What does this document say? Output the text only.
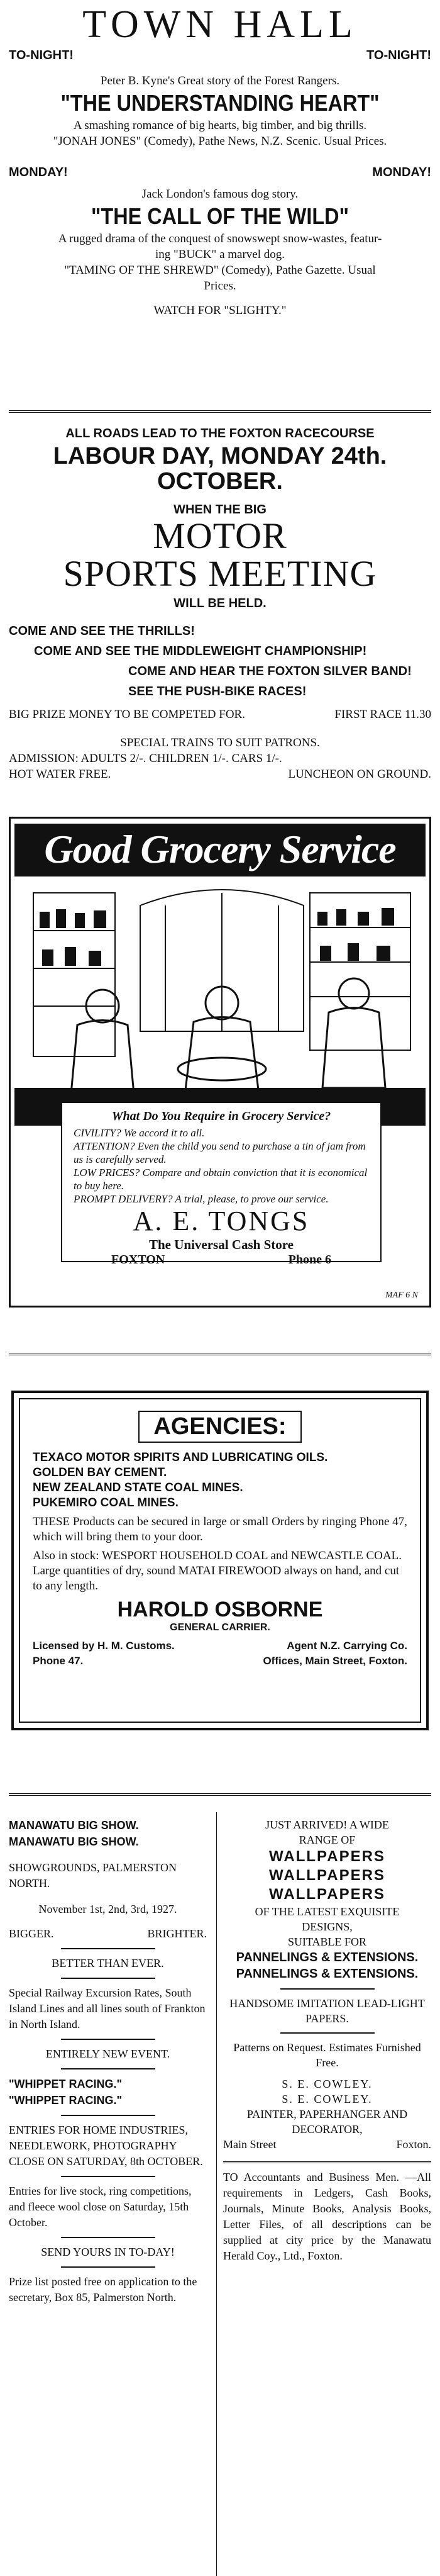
TOWN HALL
TO-NIGHT!	TO-NIGHT!
Peter B. Kyne's Great story of the Forest Rangers.
"THE UNDERSTANDING HEART"
A smashing romance of big hearts, big timber, and big thrills.
"JONAH JONES" (Comedy), Pathe News, N.Z. Scenic. Usual Prices.
MONDAY!	MONDAY!
Jack London's famous dog story.
"THE CALL OF THE WILD"
A rugged drama of the conquest of snowswept snow-wastes, featur-
ing "BUCK" a marvel dog.
"TAMING OF THE SHREWD" (Comedy), Pathe Gazette. Usual
Prices.
WATCH FOR "SLIGHTY."
ALL ROADS LEAD TO THE FOXTON RACECOURSE
LABOUR DAY, MONDAY 24th.
OCTOBER.
WHEN THE BIG
MOTOR
SPORTS MEETING
WILL BE HELD.
COME AND SEE THE THRILLS!
COME AND SEE THE MIDDLEWEIGHT CHAMPIONSHIP!
COME AND HEAR THE FOXTON SILVER BAND!
SEE THE PUSH-BIKE RACES!
BIG PRIZE MONEY TO BE COMPETED FOR.	FIRST RACE 11.30
SPECIAL TRAINS TO SUIT PATRONS.
ADMISSION: ADULTS 2/-. CHILDREN 1/-. CARS 1/-.
HOT WATER FREE.	LUNCHEON ON GROUND.
Good Grocery Service
What Do You Require in Grocery Service?
CIVILITY? We accord it to all.
ATTENTION? Even the child you send to purchase a tin of jam from us is carefully served.
LOW PRICES? Compare and obtain conviction that it is economical to buy here.
PROMPT DELIVERY? A trial, please, to prove our service.
A. E. TONGS
The Universal Cash Store
FOXTON	Phone 6
MAF 6 N
AGENCIES:
TEXACO MOTOR SPIRITS AND LUBRICATING OILS.
GOLDEN BAY CEMENT.
NEW ZEALAND STATE COAL MINES.
PUKEMIRO COAL MINES.
THESE Products can be secured in large or small Orders by ringing Phone 47, which will bring them to your door.
Also in stock: WESPORT HOUSEHOLD COAL and NEWCASTLE COAL. Large quantities of dry, sound MATAI FIREWOOD always on hand, and cut to any length.
HAROLD OSBORNE
GENERAL CARRIER.
Licensed by H. M. Customs.	Agent N.Z. Carrying Co.
Phone 47.	Offices, Main Street, Foxton.
MANAWATU BIG SHOW.
MANAWATU BIG SHOW.
SHOWGROUNDS, PALMERSTON NORTH.
November 1st, 2nd, 3rd, 1927.
BIGGER.	BRIGHTER.
BETTER THAN EVER.
Special Railway Excursion Rates, South Island Lines and all lines south of Frankton in North Island.
ENTIRELY NEW EVENT.
"WHIPPET RACING."
"WHIPPET RACING."
ENTRIES FOR HOME INDUSTRIES, NEEDLEWORK, PHOTOGRAPHY CLOSE ON SATURDAY, 8th OCTOBER.
Entries for live stock, ring competitions, and fleece wool close on Saturday, 15th October.
SEND YOURS IN TO-DAY!
Prize list posted free on application to the secretary, Box 85, Palmerston North.
JUST ARRIVED! A WIDE
RANGE OF
WALLPAPERS
WALLPAPERS
WALLPAPERS
OF THE LATEST EXQUISITE
DESIGNS,
SUITABLE FOR
PANNELINGS & EXTENSIONS.
PANNELINGS & EXTENSIONS.
HANDSOME IMITATION LEAD-LIGHT PAPERS.
Patterns on Request. Estimates Furnished Free.
S. E. COWLEY.
S. E. COWLEY.
PAINTER, PAPERHANGER AND DECORATOR,
Main Street	Foxton.
TO Accountants and Business Men. —All requirements in Ledgers, Cash Books, Journals, Minute Books, Analysis Books, Letter Files, of all descriptions can be supplied at city price by the Manawatu Herald Coy., Ltd., Foxton.
